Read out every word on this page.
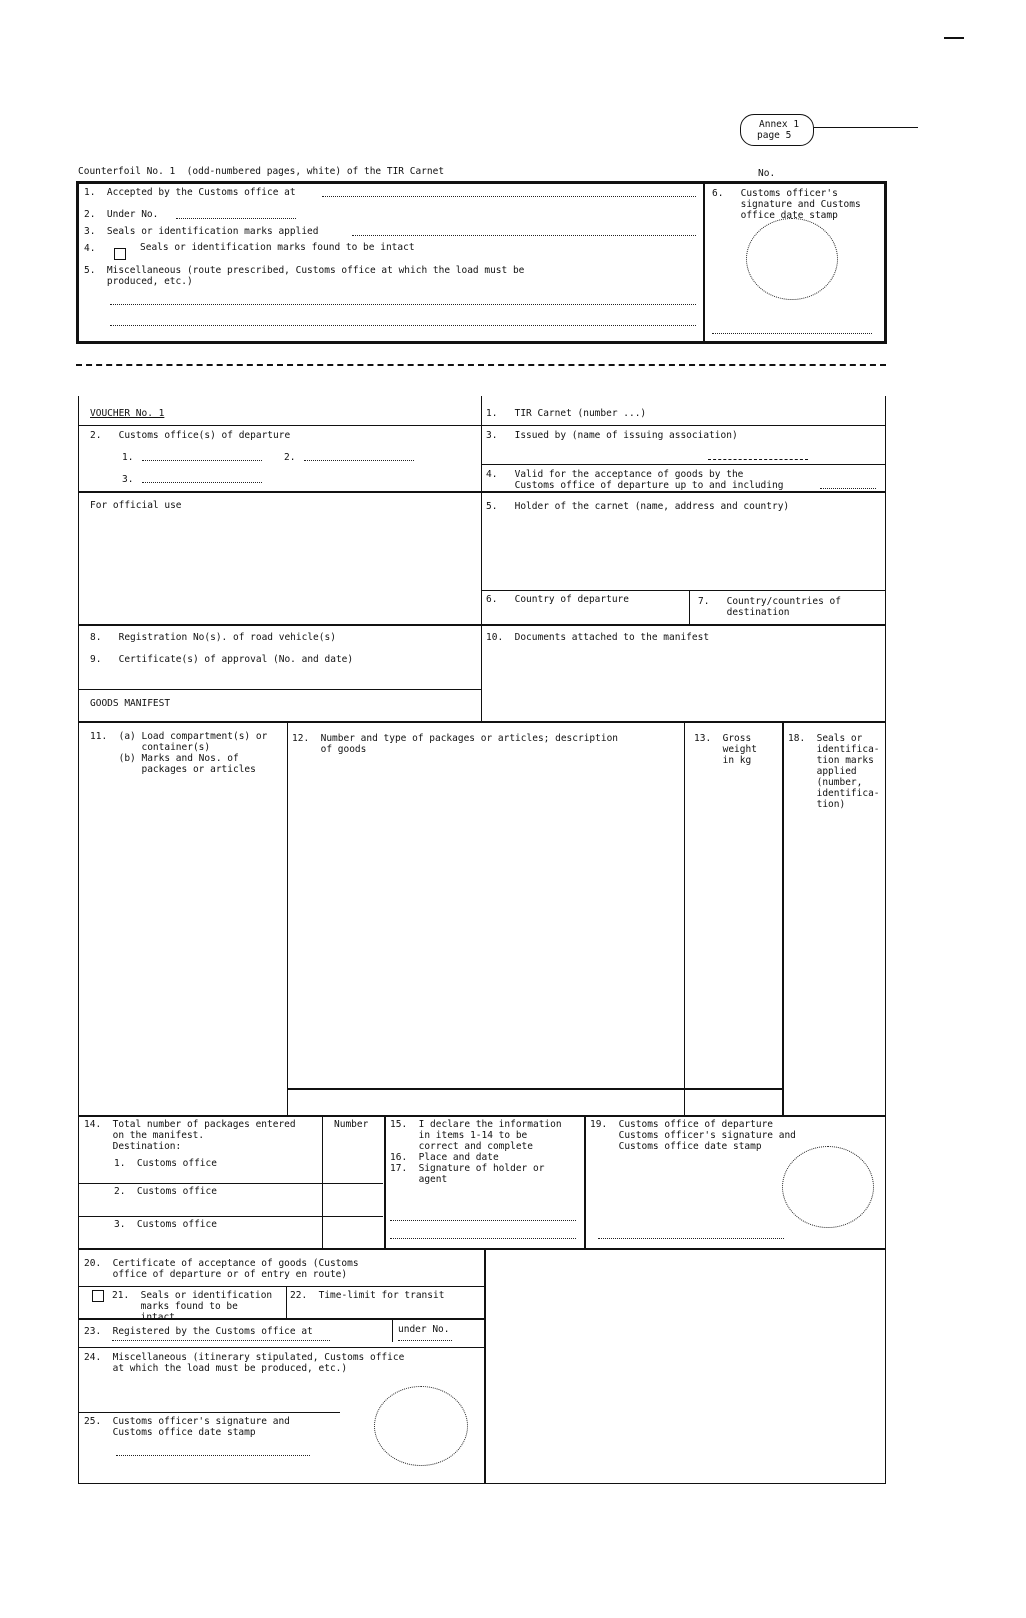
Annex 1
page 5
Counterfoil No. 1  (odd-numbered pages, white) of the TIR Carnet	No.
1.  Accepted by the Customs office at
2.  Under No.
3.  Seals or identification marks applied
4.	Seals or identification marks found to be intact
5.  Miscellaneous (route prescribed, Customs office at which the load must be
produced, etc.)
6.   Customs officer's
signature and Customs
office date stamp
VOUCHER No. 1
2.   Customs office(s) of departure
1.	2.
3.
For official use
8.   Registration No(s). of road vehicle(s)
9.   Certificate(s) of approval (No. and date)
GOODS MANIFEST
1.   TIR Carnet (number ...)
3.   Issued by (name of issuing association)
4.   Valid for the acceptance of goods by the
Customs office of departure up to and including
5.   Holder of the carnet (name, address and country)
6.   Country of departure	7.   Country/countries of
destination
10.  Documents attached to the manifest
11.  (a) Load compartment(s) or
container(s)
(b) Marks and Nos. of
packages or articles
12.  Number and type of packages or articles; description
of goods
13.  Gross
weight
in kg
18.  Seals or
identifica-
tion marks
applied
(number,
identifica-
tion)
14.  Total number of packages entered
on the manifest.
Destination:
1.  Customs office
2.  Customs office
3.  Customs office
Number 15.  I declare the information
in items 1-14 to be
correct and complete
16.  Place and date
17.  Signature of holder or
agent
19.  Customs office of departure
Customs officer's signature and
Customs office date stamp
20.  Certificate of acceptance of goods (Customs
office of departure or of entry en route)
21.  Seals or identification
marks found to be
intact
22.  Time-limit for transit
23.  Registered by the Customs office at	under No.
24.  Miscellaneous (itinerary stipulated, Customs office
at which the load must be produced, etc.)
25.  Customs officer's signature and
Customs office date stamp
